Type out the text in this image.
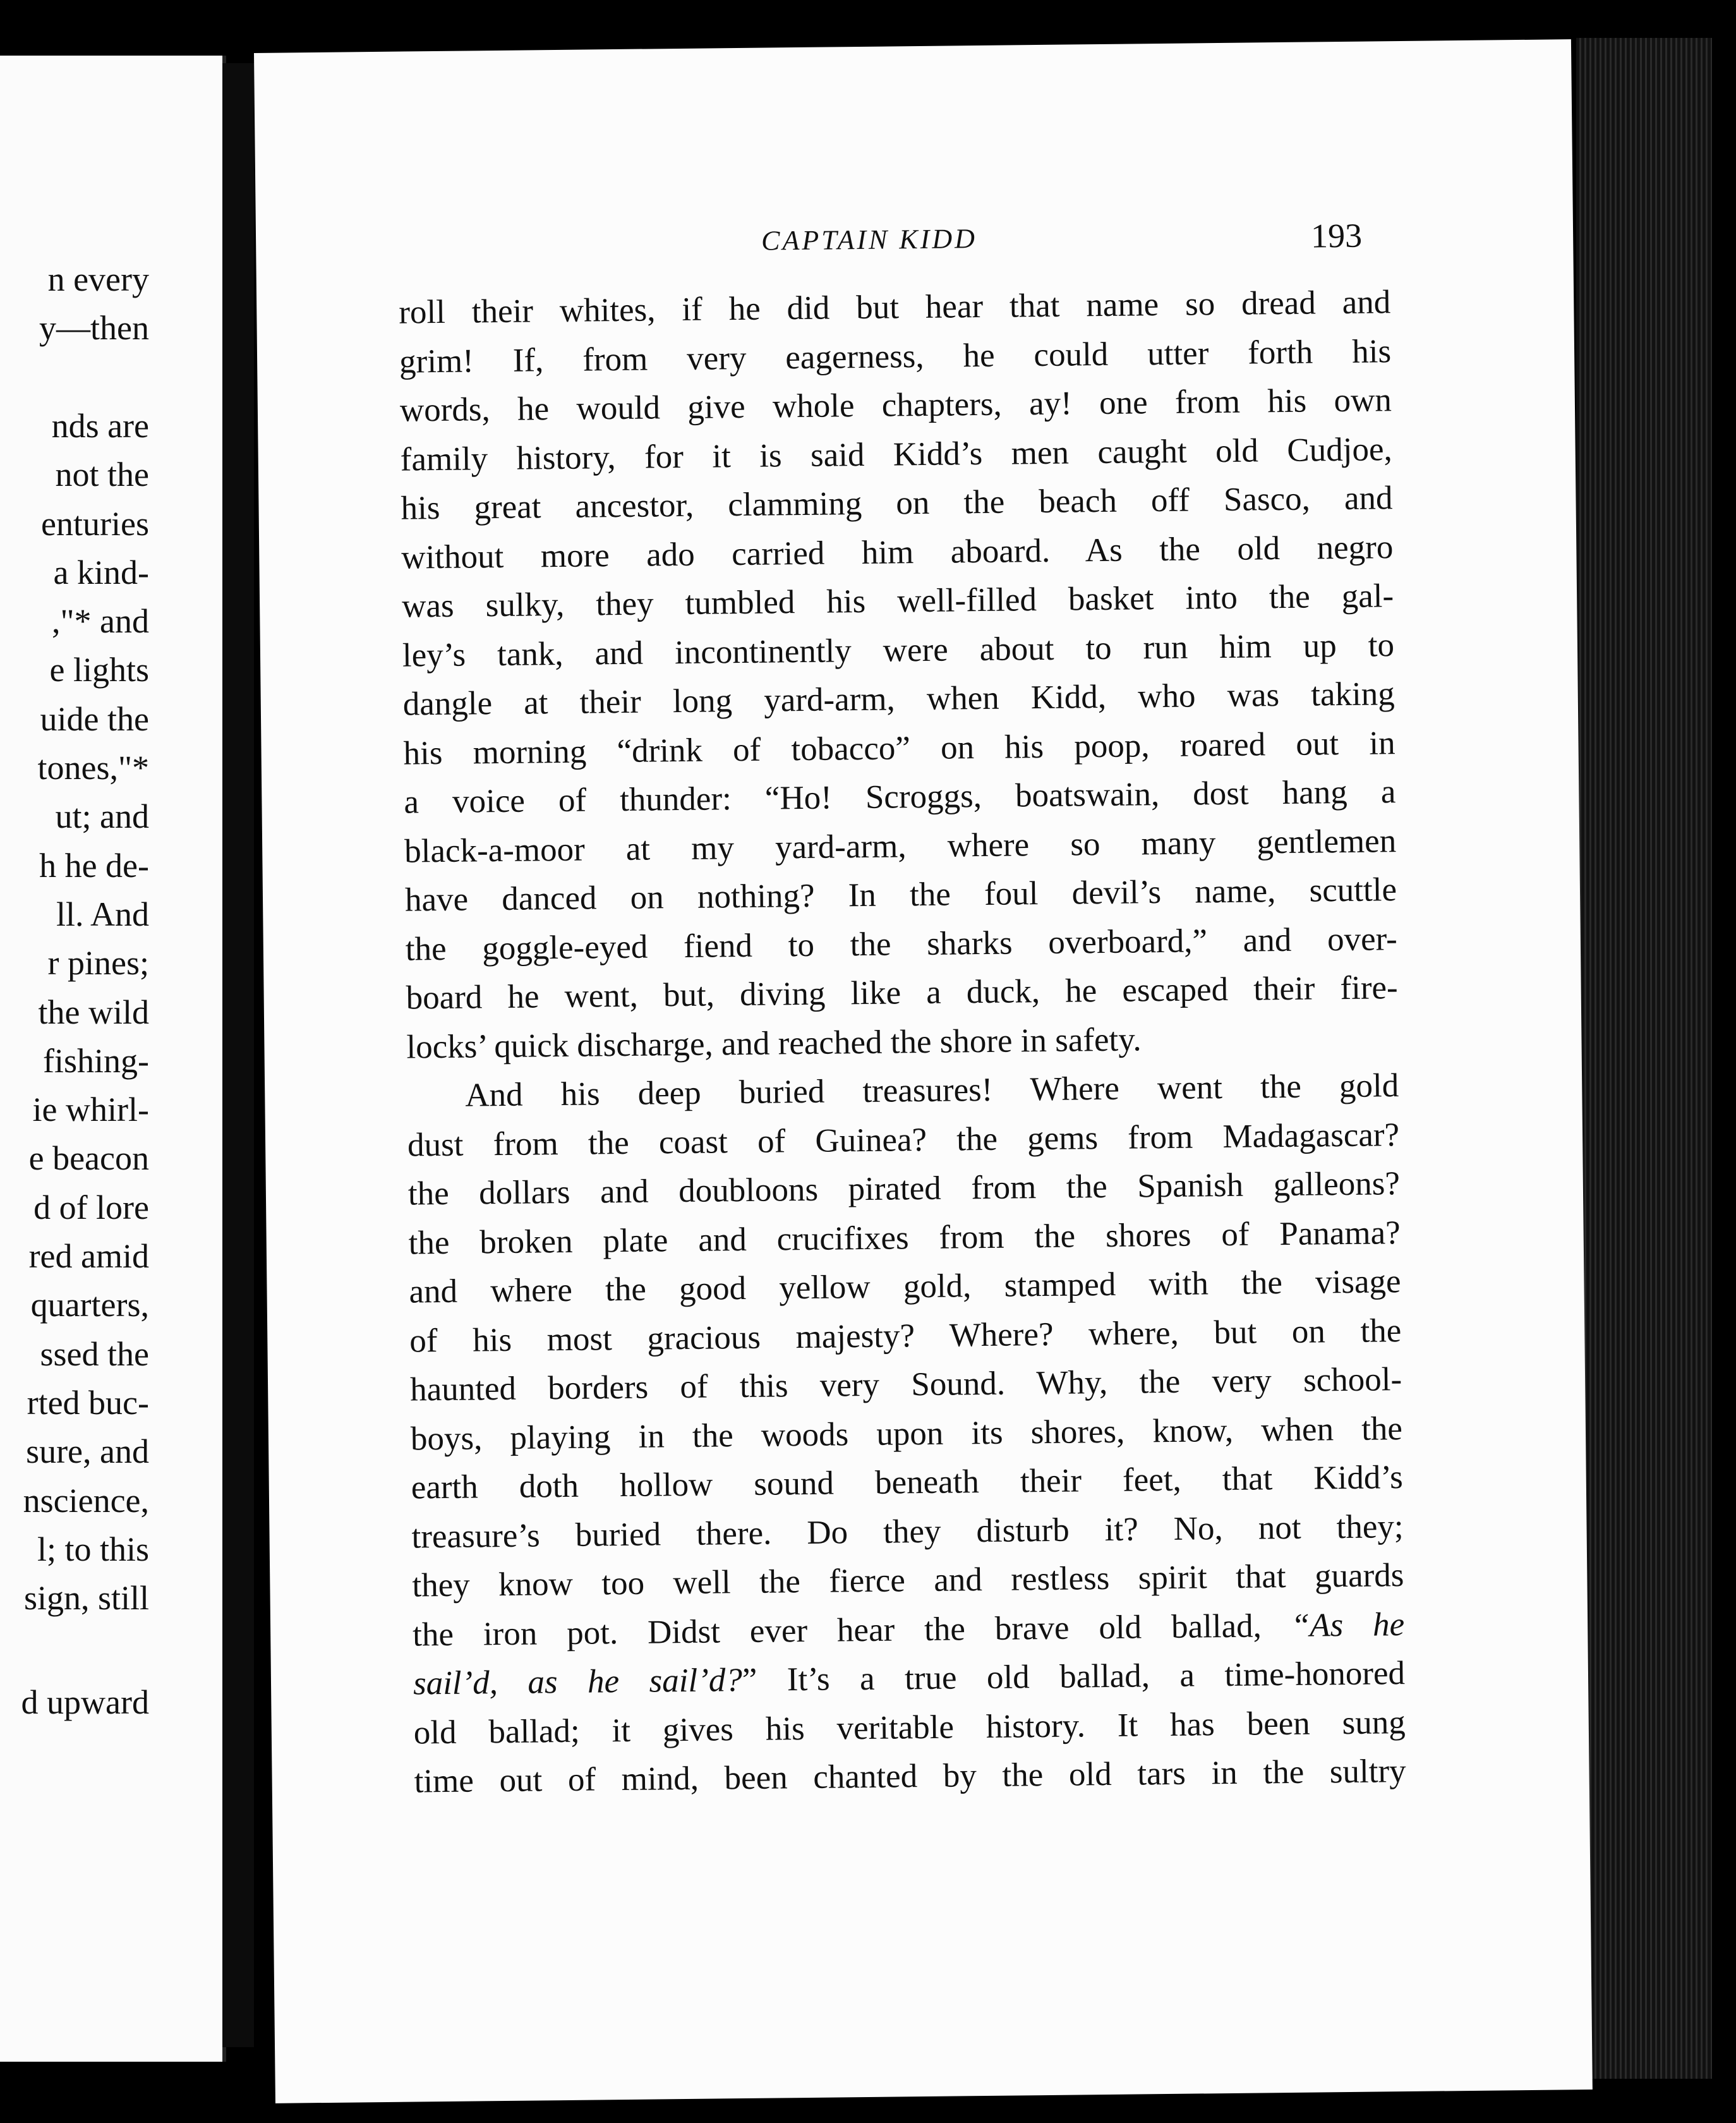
n every
y—then
nds are
not the
enturies
a kind-
,"* and
e lights
uide the
tones,"*
ut; and
h he de-
ll. And
r pines;
the wild
fishing-
ie whirl-
e beacon
d of lore
red amid
quarters,
ssed the
rted buc-
sure, and
nscience,
l; to this
sign, still
d upward
CAPTAIN KIDD	193
roll their whites, if he did but hear that name so dread and
grim! If, from very eagerness, he could utter forth his
words, he would give whole chapters, ay! one from his own
family history, for it is said Kidd’s men caught old Cudjoe,
his great ancestor, clamming on the beach off Sasco, and
without more ado carried him aboard. As the old negro
was sulky, they tumbled his well-filled basket into the gal-
ley’s tank, and incontinently were about to run him up to
dangle at their long yard-arm, when Kidd, who was taking
his morning “drink of tobacco” on his poop, roared out in
a voice of thunder: “Ho! Scroggs, boatswain, dost hang a
black-a-moor at my yard-arm, where so many gentlemen
have danced on nothing? In the foul devil’s name, scuttle
the goggle-eyed fiend to the sharks overboard,” and over-
board he went, but, diving like a duck, he escaped their fire-
locks’ quick discharge, and reached the shore in safety.
And his deep buried treasures! Where went the gold
dust from the coast of Guinea? the gems from Madagascar?
the dollars and doubloons pirated from the Spanish galleons?
the broken plate and crucifixes from the shores of Panama?
and where the good yellow gold, stamped with the visage
of his most gracious majesty? Where? where, but on the
haunted borders of this very Sound. Why, the very school-
boys, playing in the woods upon its shores, know, when the
earth doth hollow sound beneath their feet, that Kidd’s
treasure’s buried there. Do they disturb it? No, not they;
they know too well the fierce and restless spirit that guards
the iron pot. Didst ever hear the brave old ballad, “As he
sail’d, as he sail’d?” It’s a true old ballad, a time-honored
old ballad; it gives his veritable history. It has been sung
time out of mind, been chanted by the old tars in the sultry
